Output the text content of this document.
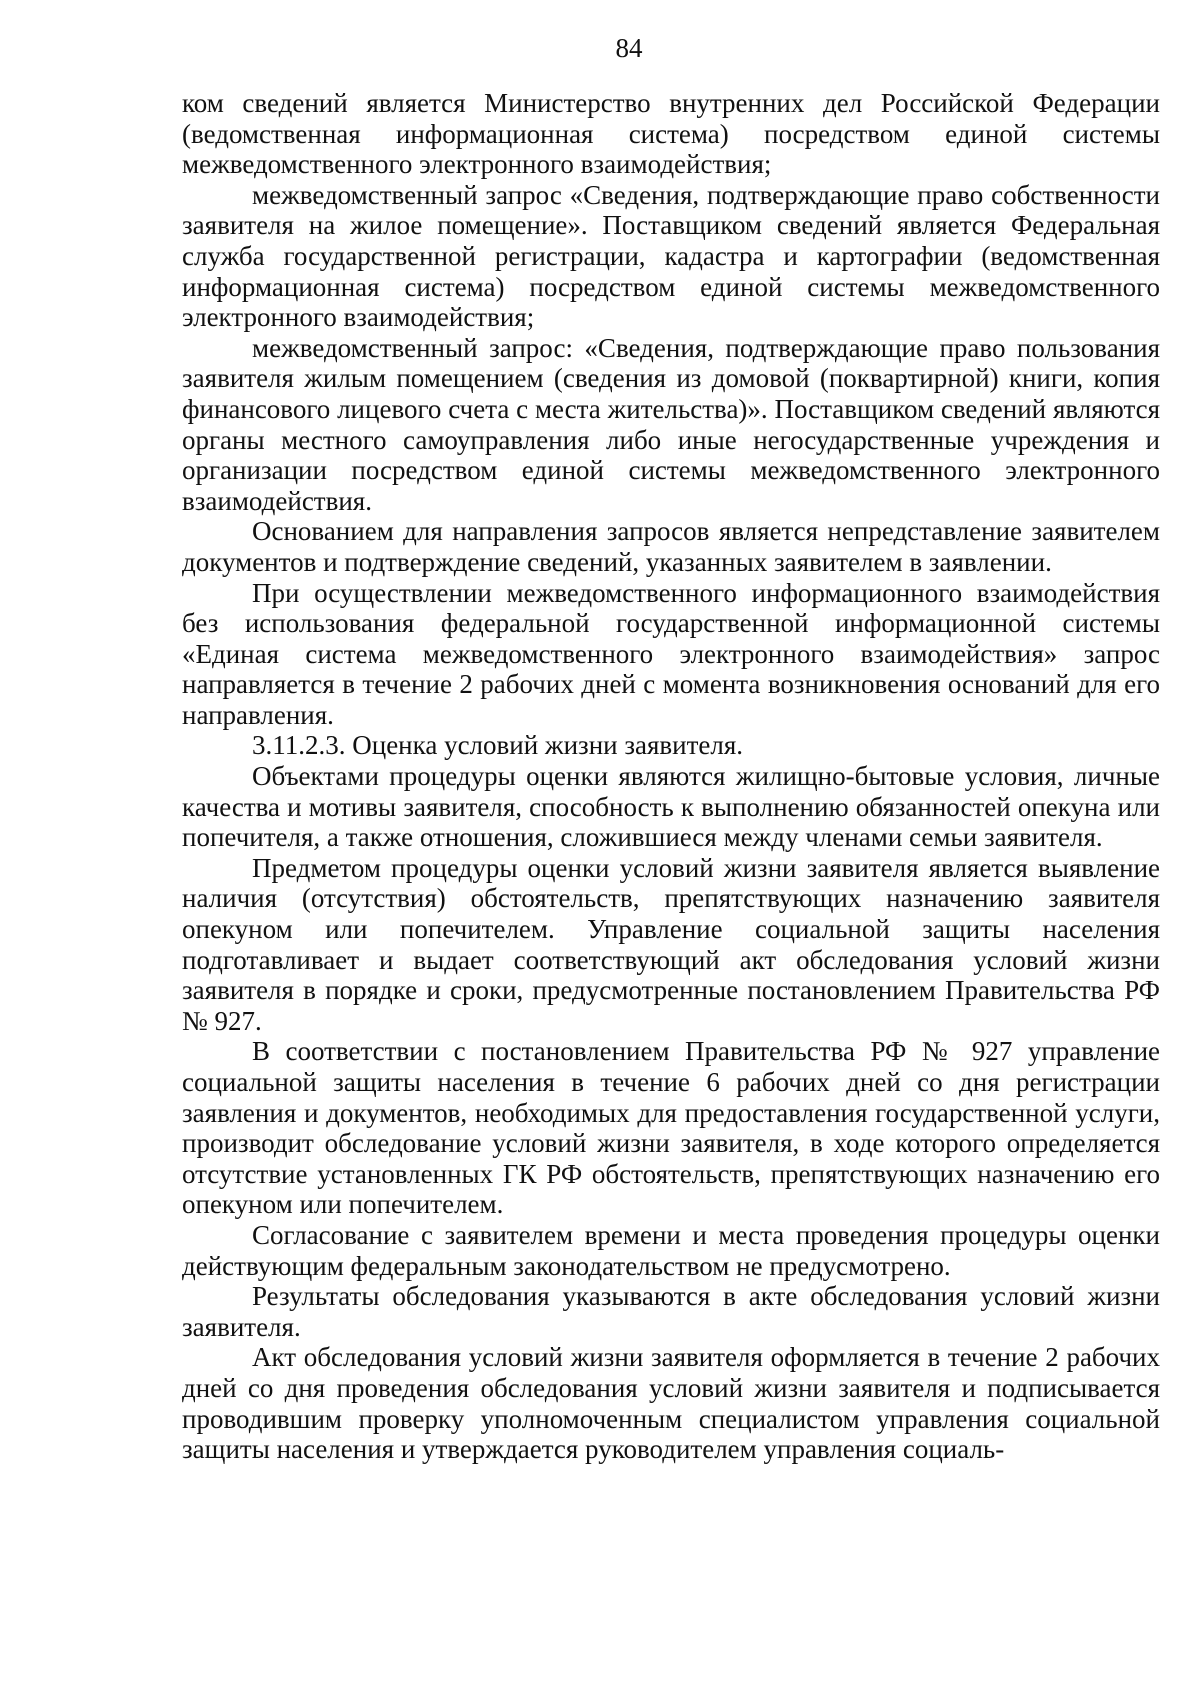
84

ком сведений является Министерство внутренних дел Российской Федерации (ведомственная информационная система) посредством единой системы межведомственного электронного взаимодействия;

межведомственный запрос «Сведения, подтверждающие право собственности заявителя на жилое помещение». Поставщиком сведений является Федеральная служба государственной регистрации, кадастра и картографии (ведомственная информационная система) посредством единой системы межведомственного электронного взаимодействия;

межведомственный запрос: «Сведения, подтверждающие право пользования заявителя жилым помещением (сведения из домовой (поквартирной) книги, копия финансового лицевого счета с места жительства)». Поставщиком сведений являются органы местного самоуправления либо иные негосударственные учреждения и организации посредством единой системы межведомственного электронного взаимодействия.

Основанием для направления запросов является непредставление заявителем документов и подтверждение сведений, указанных заявителем в заявлении.

При осуществлении межведомственного информационного взаимодействия без использования федеральной государственной информационной системы «Единая система межведомственного электронного взаимодействия» запрос направляется в течение 2 рабочих дней с момента возникновения оснований для его направления.

3.11.2.3. Оценка условий жизни заявителя.

Объектами процедуры оценки являются жилищно-бытовые условия, личные качества и мотивы заявителя, способность к выполнению обязанностей опекуна или попечителя, а также отношения, сложившиеся между членами семьи заявителя.

Предметом процедуры оценки условий жизни заявителя является выявление наличия (отсутствия) обстоятельств, препятствующих назначению заявителя опекуном или попечителем. Управление социальной защиты населения подготавливает и выдает соответствующий акт обследования условий жизни заявителя в порядке и сроки, предусмотренные постановлением Правительства РФ № 927.

В соответствии с постановлением Правительства РФ № 927 управление социальной защиты населения в течение 6 рабочих дней со дня регистрации заявления и документов, необходимых для предоставления государственной услуги, производит обследование условий жизни заявителя, в ходе которого определяется отсутствие установленных ГК РФ обстоятельств, препятствующих назначению его опекуном или попечителем.

Согласование с заявителем времени и места проведения процедуры оценки действующим федеральным законодательством не предусмотрено.

Результаты обследования указываются в акте обследования условий жизни заявителя.

Акт обследования условий жизни заявителя оформляется в течение 2 рабочих дней со дня проведения обследования условий жизни заявителя и подписывается проводившим проверку уполномоченным специалистом управления социальной защиты населения и утверждается руководителем управления социаль-
